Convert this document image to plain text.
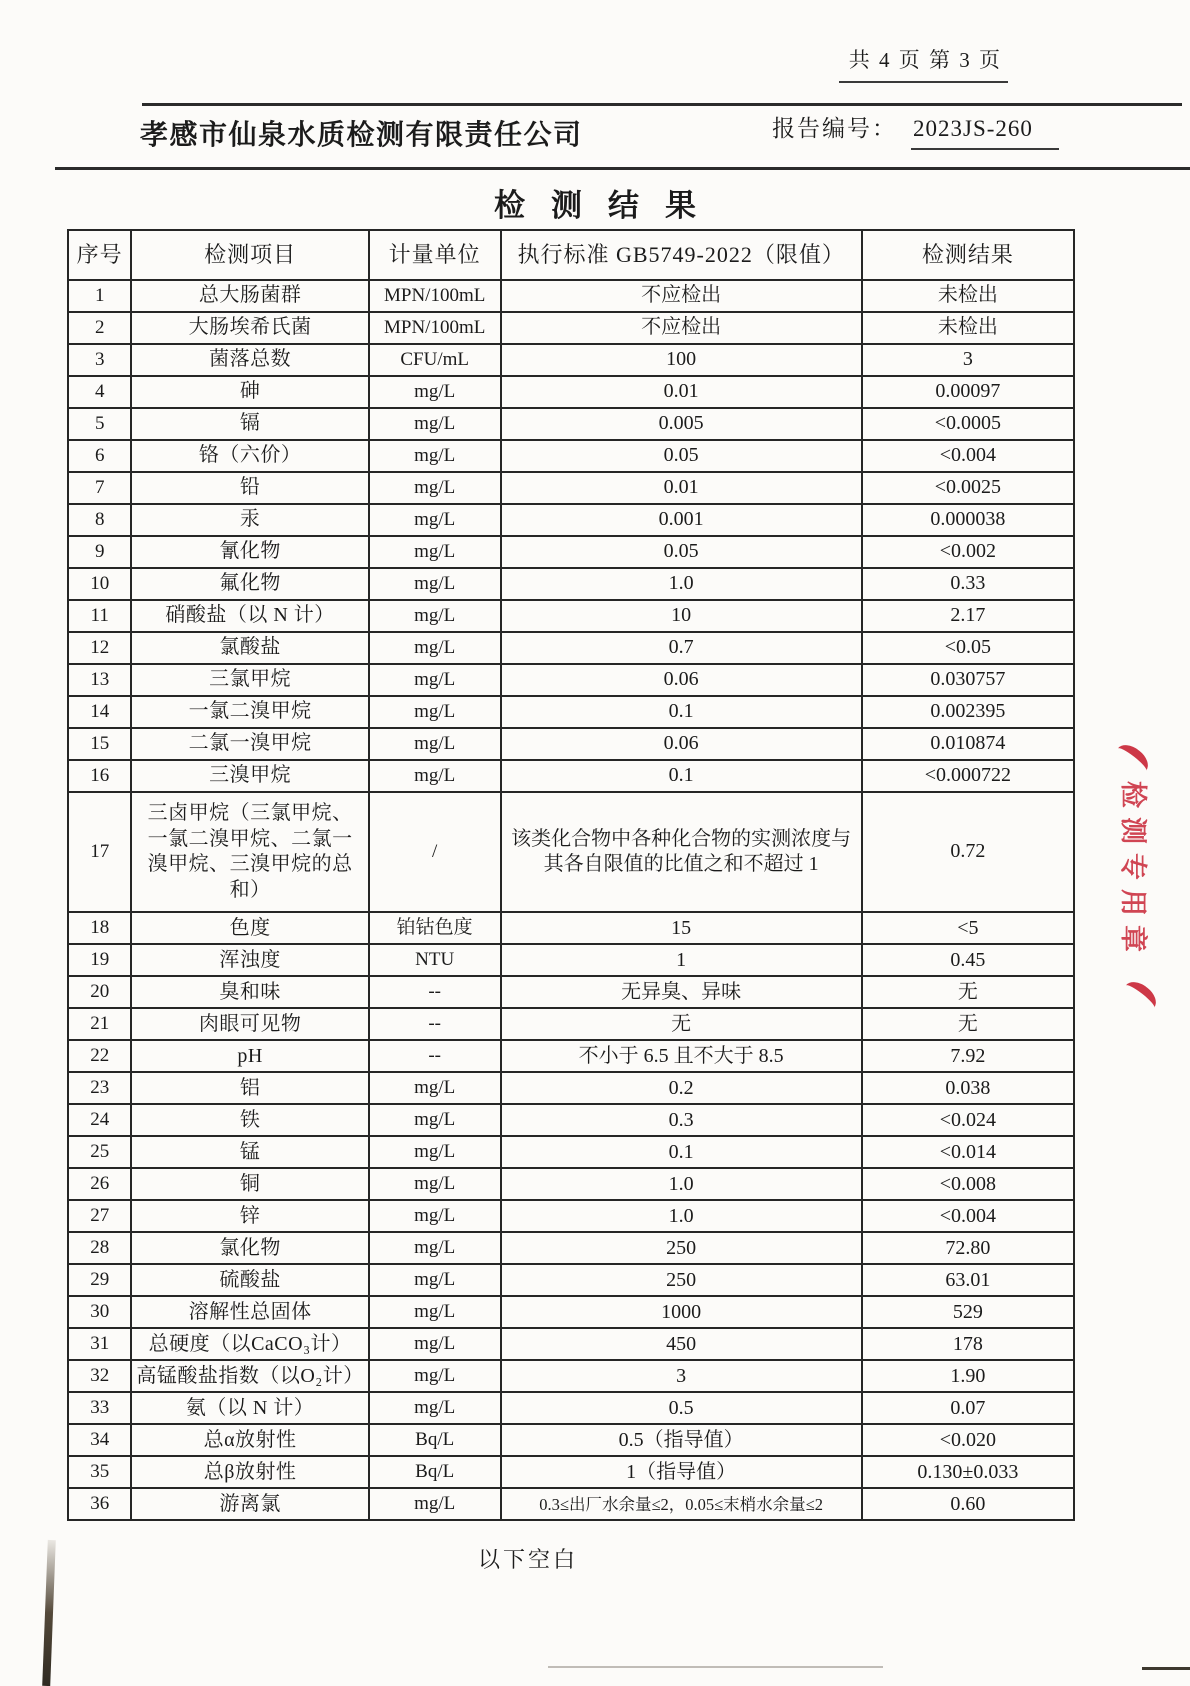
共 4 页 第 3 页
孝感市仙泉水质检测有限责任公司	报告编号： 2023JS-260
检测结果
序号	检测项目	计量单位	执行标准 GB5749-2022（限值）	检测结果
1	总大肠菌群	MPN/100mL	不应检出	未检出
2	大肠埃希氏菌	MPN/100mL	不应检出	未检出
3	菌落总数	CFU/mL	100	3
4	砷	mg/L	0.01	0.00097
5	镉	mg/L	0.005	<0.0005
6	铬（六价）	mg/L	0.05	<0.004
7	铅	mg/L	0.01	<0.0025
8	汞	mg/L	0.001	0.000038
9	氰化物	mg/L	0.05	<0.002
10	氟化物	mg/L	1.0	0.33
11	硝酸盐（以 N 计）	mg/L	10	2.17
12	氯酸盐	mg/L	0.7	<0.05
13	三氯甲烷	mg/L	0.06	0.030757
14	一氯二溴甲烷	mg/L	0.1	0.002395
15	二氯一溴甲烷	mg/L	0.06	0.010874
16	三溴甲烷	mg/L	0.1	<0.000722
17	三卤甲烷（三氯甲烷、一氯二溴甲烷、二氯一溴甲烷、三溴甲烷的总和）	/	该类化合物中各种化合物的实测浓度与其各自限值的比值之和不超过 1	0.72
18	色度	铂钴色度	15	<5
19	浑浊度	NTU	1	0.45
20	臭和味	--	无异臭、异味	无
21	肉眼可见物	--	无	无
22	pH	--	不小于 6.5 且不大于 8.5	7.92
23	铝	mg/L	0.2	0.038
24	铁	mg/L	0.3	<0.024
25	锰	mg/L	0.1	<0.014
26	铜	mg/L	1.0	<0.008
27	锌	mg/L	1.0	<0.004
28	氯化物	mg/L	250	72.80
29	硫酸盐	mg/L	250	63.01
30	溶解性总固体	mg/L	1000	529
31	总硬度（以CaCO₃计）	mg/L	450	178
32	高锰酸盐指数（以O₂计）	mg/L	3	1.90
33	氨（以 N 计）	mg/L	0.5	0.07
34	总α放射性	Bq/L	0.5（指导值）	<0.020
35	总β放射性	Bq/L	1（指导值）	0.130±0.033
36	游离氯	mg/L	0.3≤出厂水余量≤2，0.05≤末梢水余量≤2	0.60
以下空白
检测专用章
